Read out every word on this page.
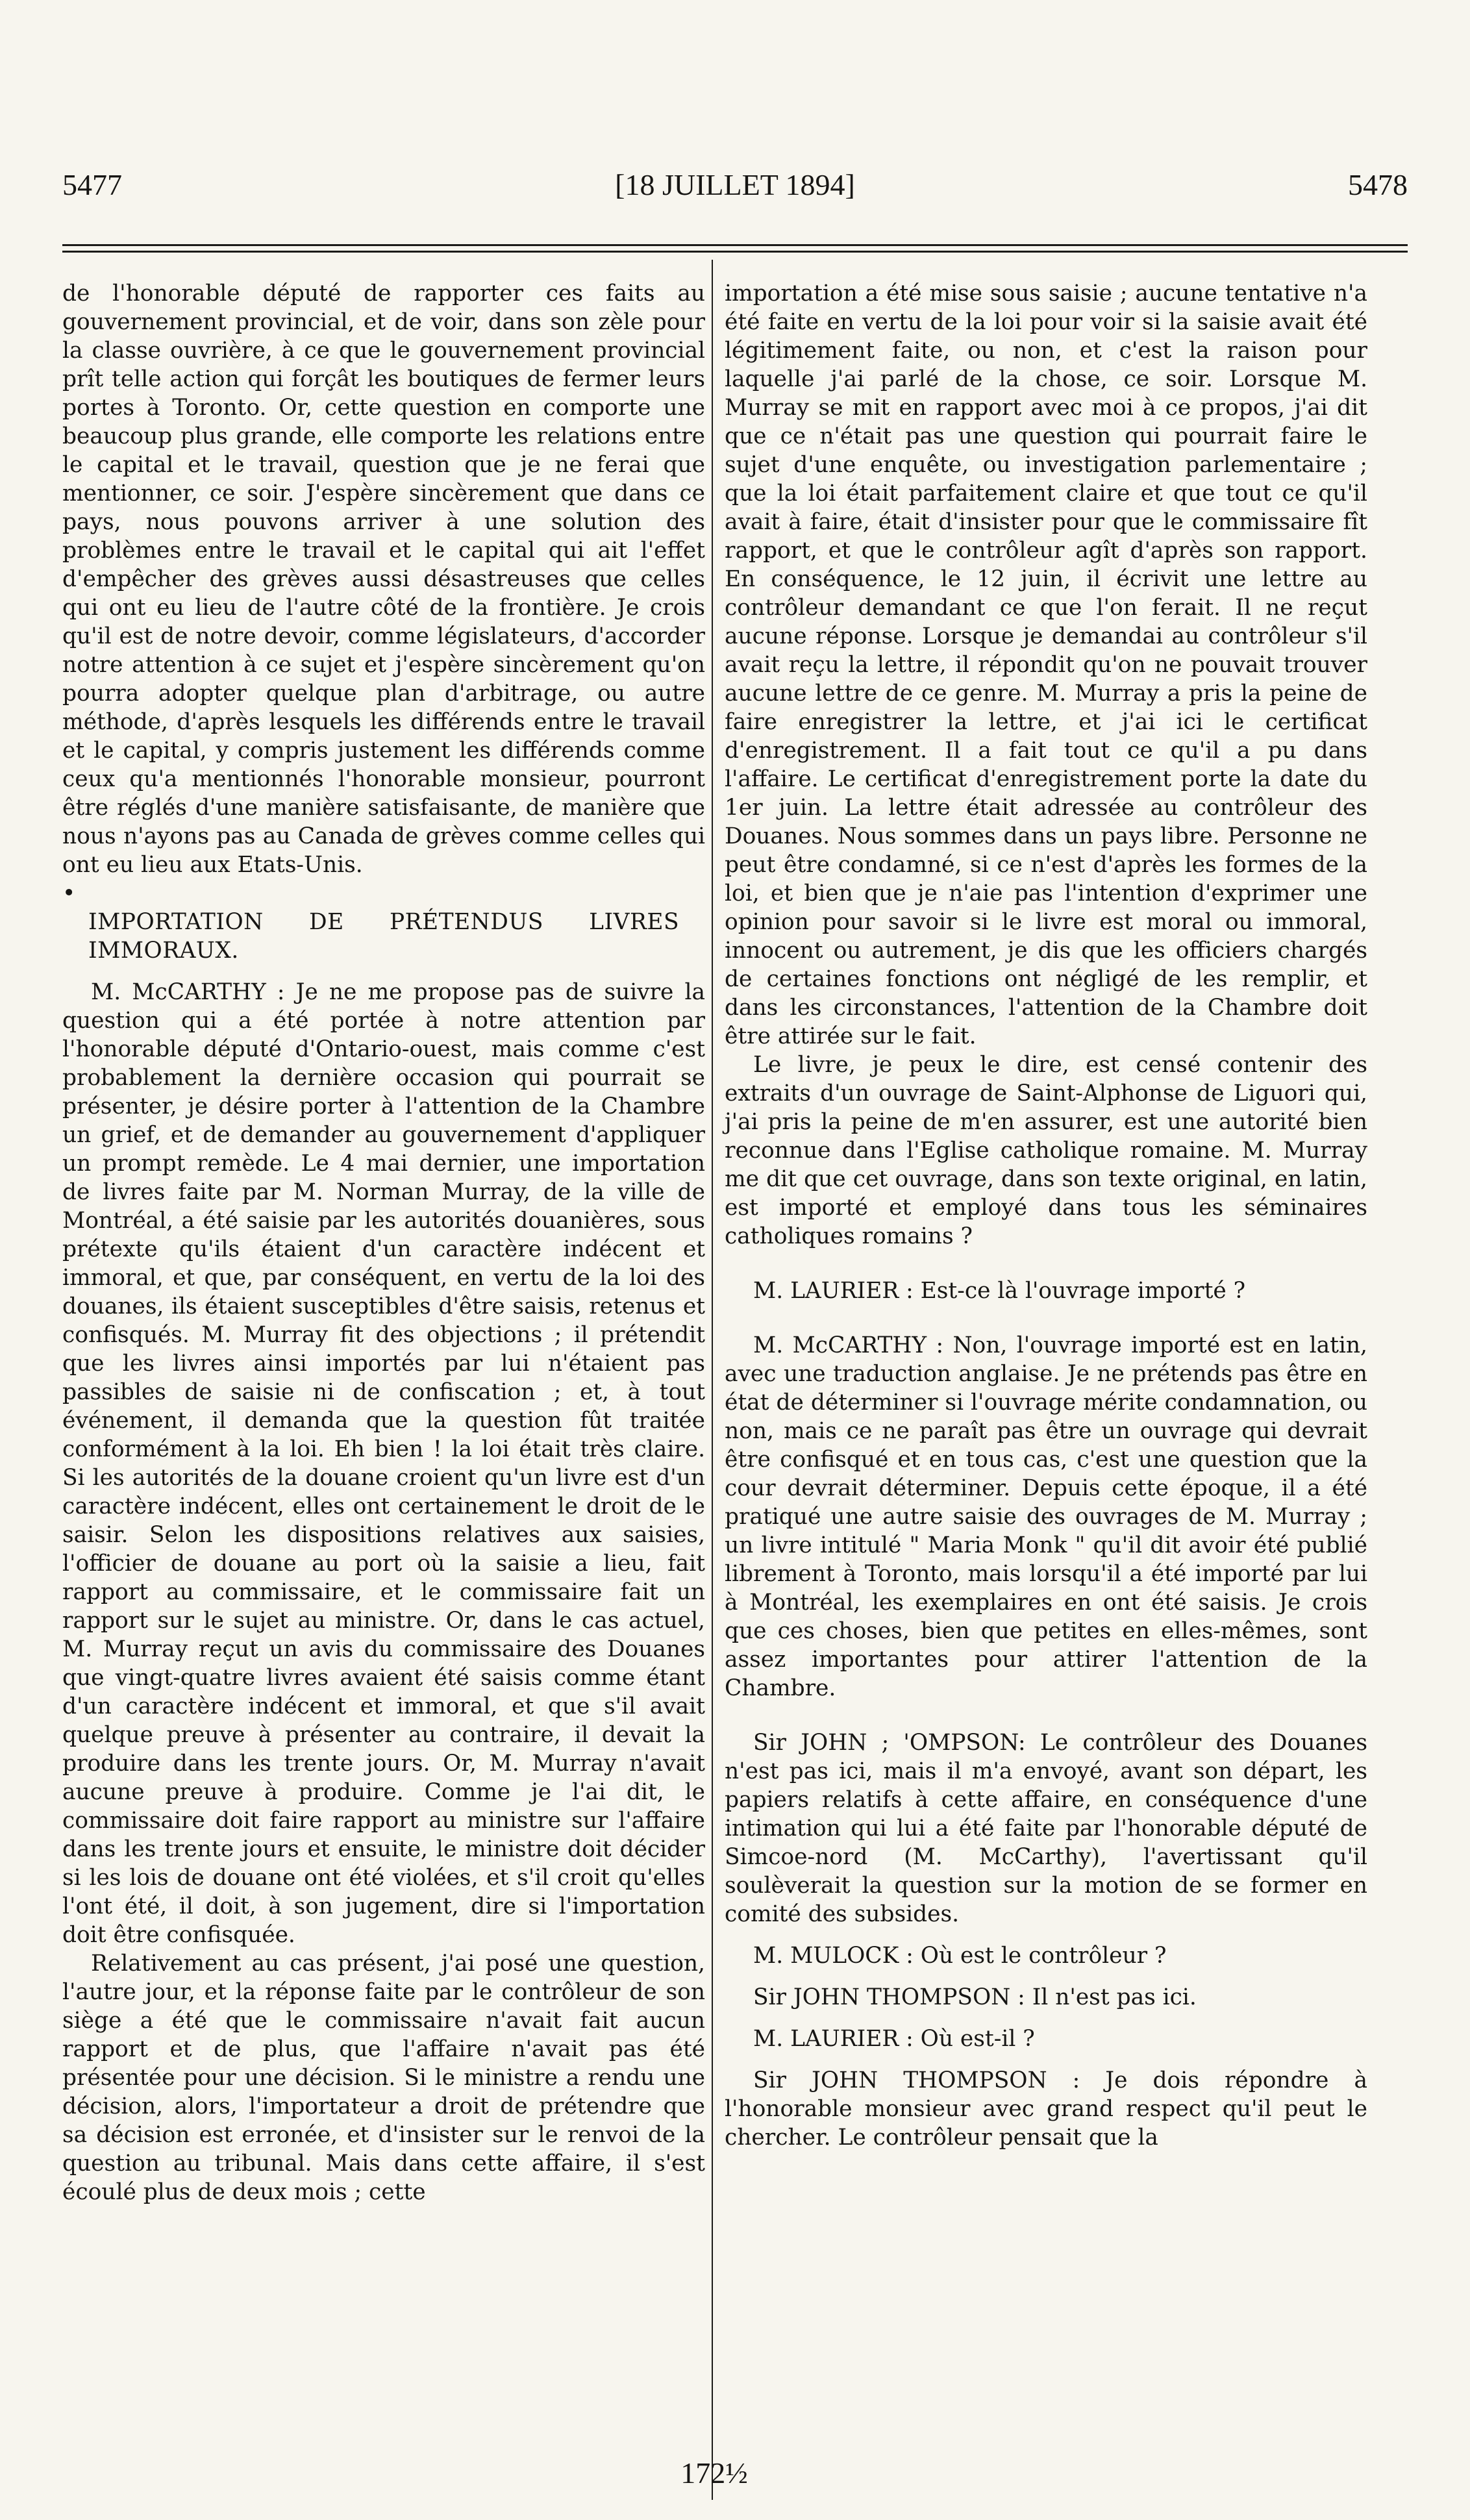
5477	[18 JUILLET 1894]	5478

de l'honorable député de rapporter ces faits au gouvernement provincial, et de voir, dans son zèle pour la classe ouvrière, à ce que le gouvernement provincial prît telle action qui forçât les boutiques de fermer leurs portes à Toronto. Or, cette question en comporte une beaucoup plus grande, elle comporte les relations entre le capital et le travail, question que je ne ferai que mentionner, ce soir. J'espère sincèrement que dans ce pays, nous pouvons arriver à une solution des problèmes entre le travail et le capital qui ait l'effet d'empêcher des grèves aussi désastreuses que celles qui ont eu lieu de l'autre côté de la frontière. Je crois qu'il est de notre devoir, comme législateurs, d'accorder notre attention à ce sujet et j'espère sincèrement qu'on pourra adopter quelque plan d'arbitrage, ou autre méthode, d'après lesquels les différends entre le travail et le capital, y compris justement les différends comme ceux qu'a mentionnés l'honorable monsieur, pourront être réglés d'une manière satisfaisante, de manière que nous n'ayons pas au Canada de grèves comme celles qui ont eu lieu aux Etats-Unis.

•

IMPORTATION DE PRÉTENDUS LIVRES IMMORAUX.

M. McCARTHY : Je ne me propose pas de suivre la question qui a été portée à notre attention par l'honorable député d'Ontario-ouest, mais comme c'est probablement la dernière occasion qui pourrait se présenter, je désire porter à l'attention de la Chambre un grief, et de demander au gouvernement d'appliquer un prompt remède. Le 4 mai dernier, une importation de livres faite par M. Norman Murray, de la ville de Montréal, a été saisie par les autorités douanières, sous prétexte qu'ils étaient d'un caractère indécent et immoral, et que, par conséquent, en vertu de la loi des douanes, ils étaient susceptibles d'être saisis, retenus et confisqués. M. Murray fit des objections ; il prétendit que les livres ainsi importés par lui n'étaient pas passibles de saisie ni de confiscation ; et, à tout événement, il demanda que la question fût traitée conformément à la loi. Eh bien ! la loi était très claire. Si les autorités de la douane croient qu'un livre est d'un caractère indécent, elles ont certainement le droit de le saisir. Selon les dispositions relatives aux saisies, l'officier de douane au port où la saisie a lieu, fait rapport au commissaire, et le commissaire fait un rapport sur le sujet au ministre. Or, dans le cas actuel, M. Murray reçut un avis du commissaire des Douanes que vingt-quatre livres avaient été saisis comme étant d'un caractère indécent et immoral, et que s'il avait quelque preuve à présenter au contraire, il devait la produire dans les trente jours. Or, M. Murray n'avait aucune preuve à produire. Comme je l'ai dit, le commissaire doit faire rapport au ministre sur l'affaire dans les trente jours et ensuite, le ministre doit décider si les lois de douane ont été violées, et s'il croit qu'elles l'ont été, il doit, à son jugement, dire si l'importation doit être confisquée.

Relativement au cas présent, j'ai posé une question, l'autre jour, et la réponse faite par le contrôleur de son siège a été que le commissaire n'avait fait aucun rapport et de plus, que l'affaire n'avait pas été présentée pour une décision. Si le ministre a rendu une décision, alors, l'importateur a droit de prétendre que sa décision est erronée, et d'insister sur le renvoi de la question au tribunal. Mais dans cette affaire, il s'est écoulé plus de deux mois ; cette

importation a été mise sous saisie ; aucune tentative n'a été faite en vertu de la loi pour voir si la saisie avait été légitimement faite, ou non, et c'est la raison pour laquelle j'ai parlé de la chose, ce soir. Lorsque M. Murray se mit en rapport avec moi à ce propos, j'ai dit que ce n'était pas une question qui pourrait faire le sujet d'une enquête, ou investigation parlementaire ; que la loi était parfaitement claire et que tout ce qu'il avait à faire, était d'insister pour que le commissaire fît rapport, et que le contrôleur agît d'après son rapport. En conséquence, le 12 juin, il écrivit une lettre au contrôleur demandant ce que l'on ferait. Il ne reçut aucune réponse. Lorsque je demandai au contrôleur s'il avait reçu la lettre, il répondit qu'on ne pouvait trouver aucune lettre de ce genre. M. Murray a pris la peine de faire enregistrer la lettre, et j'ai ici le certificat d'enregistrement. Il a fait tout ce qu'il a pu dans l'affaire. Le certificat d'enregistrement porte la date du 1er juin. La lettre était adressée au contrôleur des Douanes. Nous sommes dans un pays libre. Personne ne peut être condamné, si ce n'est d'après les formes de la loi, et bien que je n'aie pas l'intention d'exprimer une opinion pour savoir si le livre est moral ou immoral, innocent ou autrement, je dis que les officiers chargés de certaines fonctions ont négligé de les remplir, et dans les circonstances, l'attention de la Chambre doit être attirée sur le fait.

Le livre, je peux le dire, est censé contenir des extraits d'un ouvrage de Saint-Alphonse de Liguori qui, j'ai pris la peine de m'en assurer, est une autorité bien reconnue dans l'Eglise catholique romaine. M. Murray me dit que cet ouvrage, dans son texte original, en latin, est importé et employé dans tous les séminaires catholiques romains ?

M. LAURIER : Est-ce là l'ouvrage importé ?

M. McCARTHY : Non, l'ouvrage importé est en latin, avec une traduction anglaise. Je ne prétends pas être en état de déterminer si l'ouvrage mérite condamnation, ou non, mais ce ne paraît pas être un ouvrage qui devrait être confisqué et en tous cas, c'est une question que la cour devrait déterminer. Depuis cette époque, il a été pratiqué une autre saisie des ouvrages de M. Murray ; un livre intitulé " Maria Monk " qu'il dit avoir été publié librement à Toronto, mais lorsqu'il a été importé par lui à Montréal, les exemplaires en ont été saisis. Je crois que ces choses, bien que petites en elles-mêmes, sont assez importantes pour attirer l'attention de la Chambre.

Sir JOHN ; 'OMPSON: Le contrôleur des Douanes n'est pas ici, mais il m'a envoyé, avant son départ, les papiers relatifs à cette affaire, en conséquence d'une intimation qui lui a été faite par l'honorable député de Simcoe-nord (M. McCarthy), l'avertissant qu'il soulèverait la question sur la motion de se former en comité des subsides.

M. MULOCK : Où est le contrôleur ?

Sir JOHN THOMPSON : Il n'est pas ici.

M. LAURIER : Où est-il ?

Sir JOHN THOMPSON : Je dois répondre à l'honorable monsieur avec grand respect qu'il peut le chercher. Le contrôleur pensait que la

172½
